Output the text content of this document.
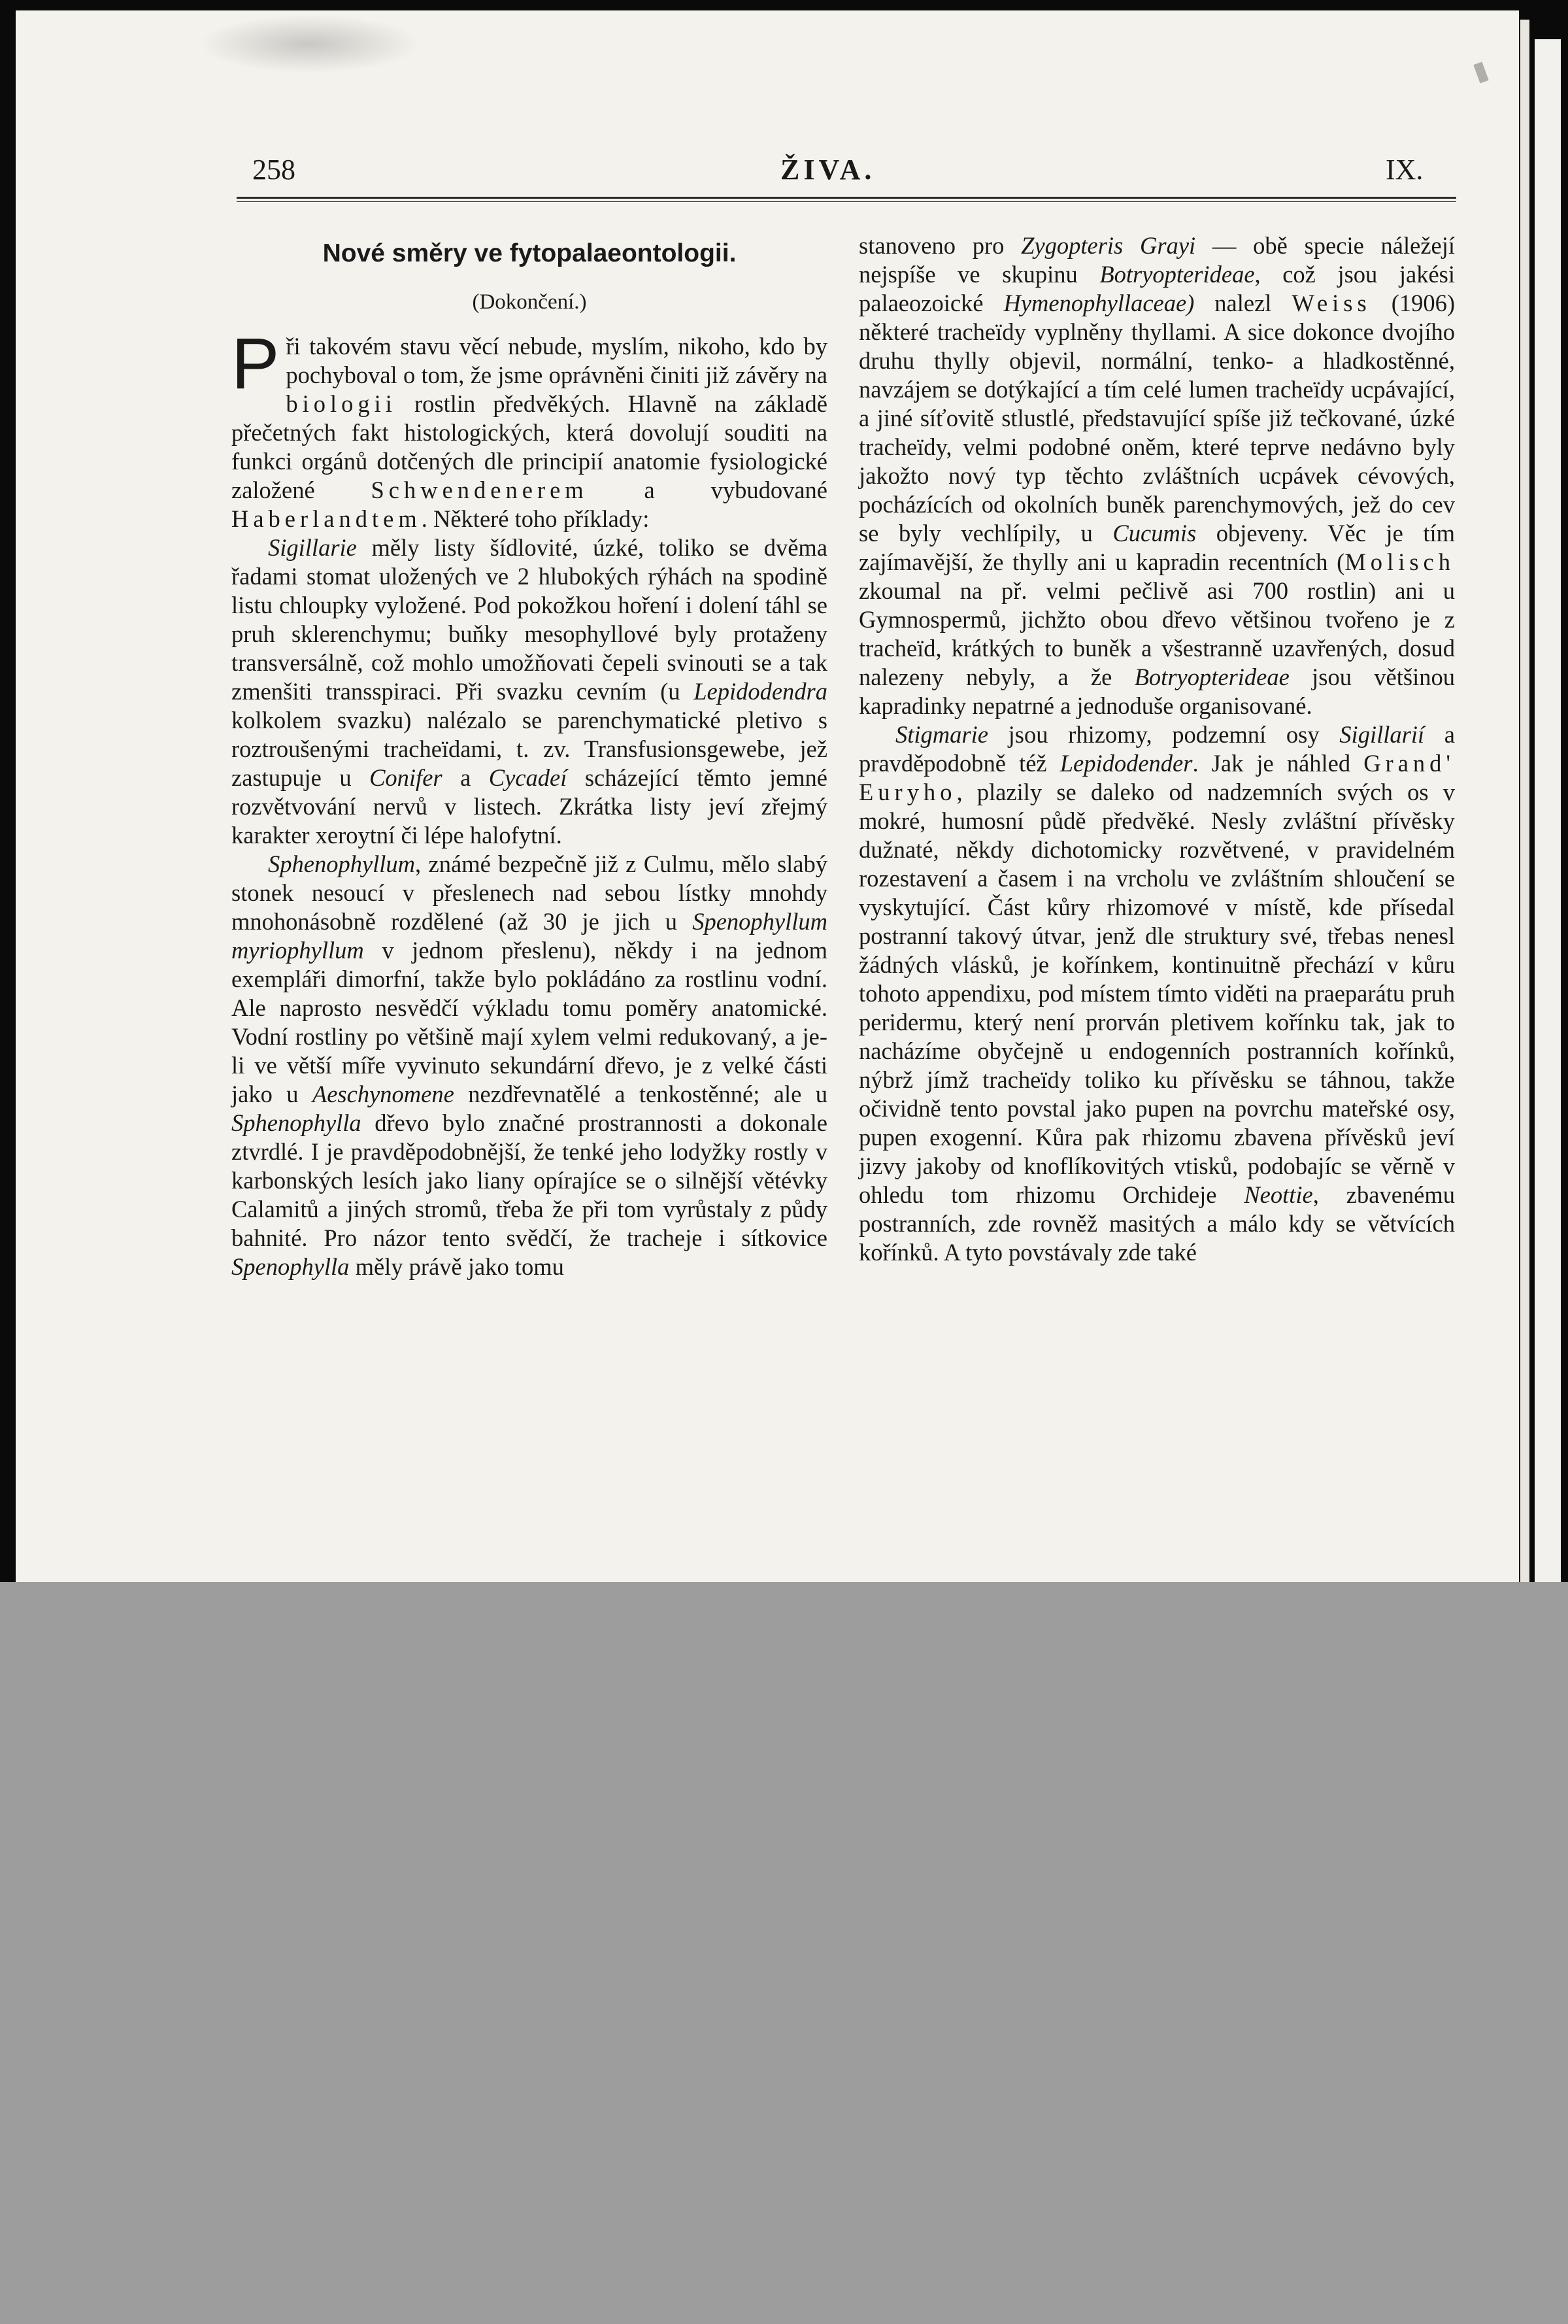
258	ŽIVA.	IX.
Nové směry ve fytopalaeontologii.
(Dokončení.)

Při takovém stavu věcí nebude, myslím, nikoho, kdo by pochyboval o tom, že jsme oprávněni činiti již závěry na biologii rostlin předvěkých. Hlavně na základě přečetných fakt histologických, která dovolují souditi na funkci orgánů dotčených dle principií anatomie fysiologické založené Schwendenerem a vybudované Haberlandtem. Některé toho příklady:

Sigillarie měly listy šídlovité, úzké, toliko se dvěma řadami stomat uložených ve 2 hlubokých rýhách na spodině listu chloupky vyložené. Pod pokožkou hoření i dolení táhl se pruh sklerenchymu; buňky mesophyllové byly protaženy transversálně, což mohlo umožňovati čepeli svinouti se a tak zmenšiti transspiraci. Při svazku cevním (u Lepidodendra kolkolem svazku) nalézalo se parenchymatické pletivo s roztroušenými tracheïdami, t. zv. Transfusionsgewebe, jež zastupuje u Conifer a Cycadeí scházející těmto jemné rozvětvování nervů v listech. Zkrátka listy jeví zřejmý karakter xeroytní či lépe halofytní.

Sphenophyllum, známé bezpečně již z Culmu, mělo slabý stonek nesoucí v přeslenech nad sebou lístky mnohdy mnohonásobně rozdělené (až 30 je jich u Spenophyllum myriophyllum v jednom přeslenu), někdy i na jednom exempláři dimorfní, takže bylo pokládáno za rostlinu vodní. Ale naprosto nesvědčí výkladu tomu poměry anatomické. Vodní rostliny po většině mají xylem velmi redukovaný, a je-li ve větší míře vyvinuto sekundární dřevo, je z velké části jako u Aeschynomene nezdřevnatělé a tenkostěnné; ale u Sphenophylla dřevo bylo značné prostrannosti a dokonale ztvrdlé. I je pravděpodobnější, že tenké jeho lodyžky rostly v karbonských lesích jako liany opírajíce se o silnější větévky Calamitů a jiných stromů, třeba že při tom vyrůstaly z půdy bahnité. Pro názor tento svědčí, že tracheje i sítkovice Spenophylla měly právě jako tomu

stanoveno pro Zygopteris Grayi — obě specie náležejí nejspíše ve skupinu Botryopterideae, což jsou jakési palaeozoické Hymenophyllaceae) nalezl Weiss (1906) některé tracheïdy vyplněny thyllami. A sice dokonce dvojího druhu thylly objevil, normální, tenko- a hladkostěnné, navzájem se dotýkající a tím celé lumen tracheïdy ucpávající, a jiné síťovitě stlustlé, představující spíše již tečkované, úzké tracheïdy, velmi podobné oněm, které teprve nedávno byly jakožto nový typ těchto zvláštních ucpávek cévových, pocházících od okolních buněk parenchymových, jež do cev se byly vechlípily, u Cucumis objeveny. Věc je tím zajímavější, že thylly ani u kapradin recentních (Molisch zkoumal na př. velmi pečlivě asi 700 rostlin) ani u Gymnospermů, jichžto obou dřevo většinou tvořeno je z tracheïd, krátkých to buněk a všestranně uzavřených, dosud nalezeny nebyly, a že Botryopterideae jsou většinou kapradinky nepatrné a jednoduše organisované.

Stigmarie jsou rhizomy, podzemní osy Sigillarií a pravděpodobně též Lepidodender. Jak je náhled Grand' Euryho, plazily se daleko od nadzemních svých os v mokré, humosní půdě předvěké. Nesly zvláštní přívěsky dužnaté, někdy dichotomicky rozvětvené, v pravidelném rozestavení a časem i na vrcholu ve zvláštním shloučení se vyskytující. Část kůry rhizomové v místě, kde přísedal postranní takový útvar, jenž dle struktury své, třebas nenesl žádných vlásků, je kořínkem, kontinuitně přechází v kůru tohoto appendixu, pod místem tímto viděti na praeparátu pruh peridermu, který není prorván pletivem kořínku tak, jak to nacházíme obyčejně u endogenních postranních kořínků, nýbrž jímž tracheïdy toliko ku přívěsku se táhnou, takže očividně tento povstal jako pupen na povrchu mateřské osy, pupen exogenní. Kůra pak rhizomu zbavena přívěsků jeví jizvy jakoby od knoflíkovitých vtisků, podobajíc se věrně v ohledu tom rhizomu Orchideje Neottie, zbavenému postranních, zde rovněž masitých a málo kdy se větvících kořínků. A tyto povstávaly zde také
